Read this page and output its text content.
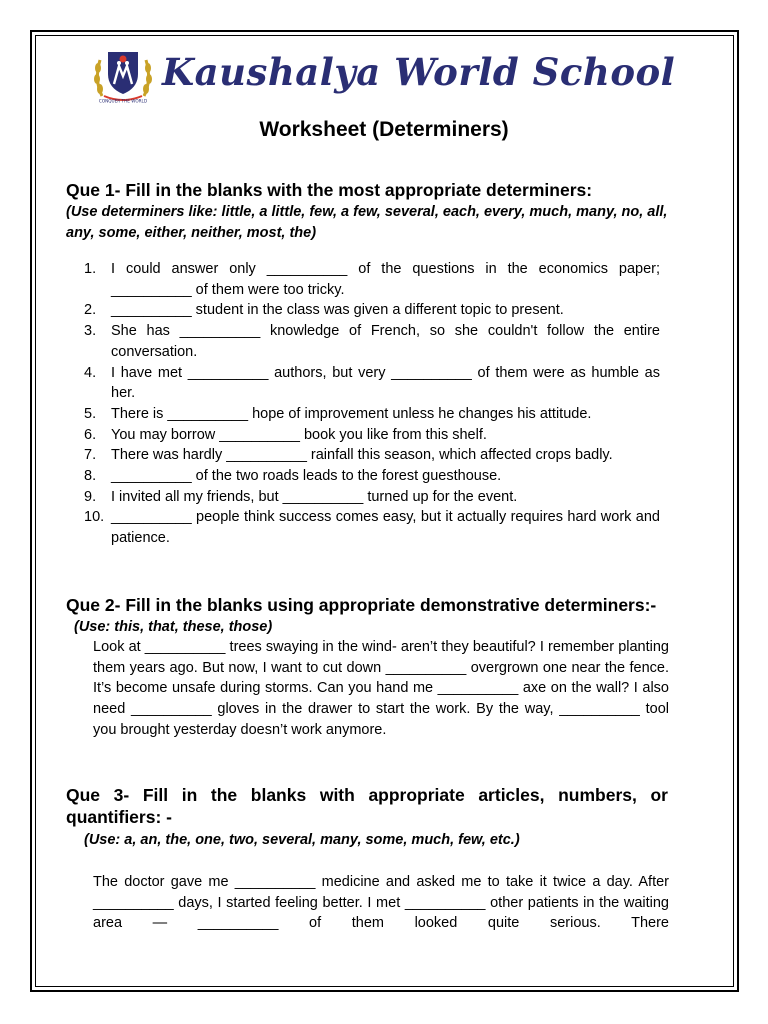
CONQUER THE WORLD
Kaushalya World School
Worksheet (Determiners)
Que 1- Fill in the blanks with the most appropriate determiners:
(Use determiners like: little, a little, few, a few, several, each, every, much, many, no, all, any, some, either, neither, most, the)
1. I could answer only __________ of the questions in the economics paper; __________ of them were too tricky.
2. __________ student in the class was given a different topic to present.
3. She has __________ knowledge of French, so she couldn't follow the entire conversation.
4. I have met __________ authors, but very __________ of them were as humble as her.
5. There is __________ hope of improvement unless he changes his attitude.
6. You may borrow __________ book you like from this shelf.
7. There was hardly __________ rainfall this season, which affected crops badly.
8. __________ of the two roads leads to the forest guesthouse.
9. I invited all my friends, but __________ turned up for the event.
10. __________ people think success comes easy, but it actually requires hard work and patience.
Que 2- Fill in the blanks using appropriate demonstrative determiners:-
(Use: this, that, these, those)
Look at __________ trees swaying in the wind- aren’t they beautiful? I remember planting them years ago. But now, I want to cut down __________ overgrown one near the fence. It’s become unsafe during storms. Can you hand me __________ axe on the wall? I also need __________ gloves in the drawer to start the work. By the way, __________ tool you brought yesterday doesn’t work anymore.
Que 3- Fill in the blanks with appropriate articles, numbers, or quantifiers: -
(Use: a, an, the, one, two, several, many, some, much, few, etc.)
The doctor gave me __________ medicine and asked me to take it twice a day. After __________ days, I started feeling better. I met __________ other patients in the waiting area — __________ of them looked quite serious. There
